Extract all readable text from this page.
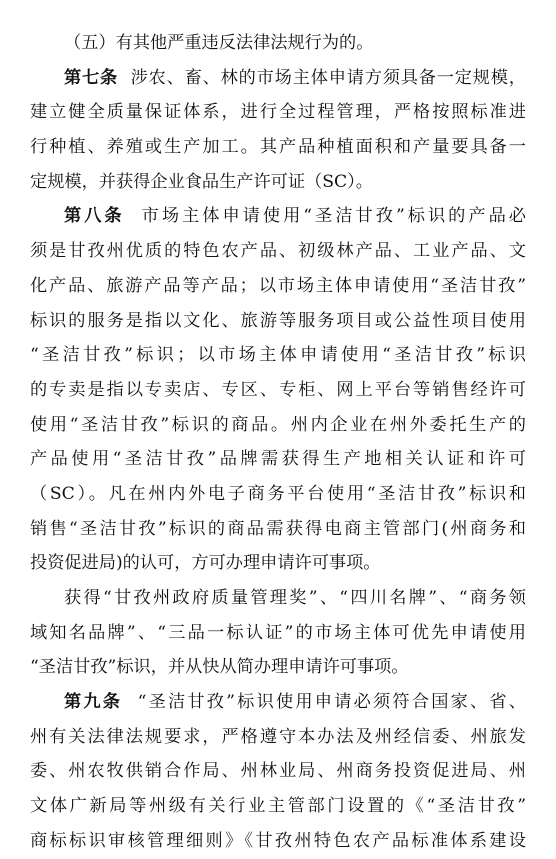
（五）有其他严重违反法律法规行为的。
第七条 涉农、畜、林的市场主体申请方须具备一定规模，
建立健全质量保证体系，进行全过程管理，严格按照标准进
行种植、养殖或生产加工。其产品种植面积和产量要具备一
定规模，并获得企业食品生产许可证（SC）。
第八条 市场主体申请使用“圣洁甘孜”标识的产品必
须是甘孜州优质的特色农产品、初级林产品、工业产品、文
化产品、旅游产品等产品；以市场主体申请使用“圣洁甘孜”
标识的服务是指以文化、旅游等服务项目或公益性项目使用
“圣洁甘孜”标识；以市场主体申请使用“圣洁甘孜”标识
的专卖是指以专卖店、专区、专柜、网上平台等销售经许可
使用“圣洁甘孜”标识的商品。州内企业在州外委托生产的
产品使用“圣洁甘孜”品牌需获得生产地相关认证和许可
（SC）。凡在州内外电子商务平台使用“圣洁甘孜”标识和
销售“圣洁甘孜”标识的商品需获得电商主管部门(州商务和
投资促进局)的认可，方可办理申请许可事项。
获得“甘孜州政府质量管理奖”、“四川名牌”、“商务领
域知名品牌”、“三品一标认证”的市场主体可优先申请使用
“圣洁甘孜”标识，并从快从简办理申请许可事项。
第九条 “圣洁甘孜”标识使用申请必须符合国家、省、
州有关法律法规要求，严格遵守本办法及州经信委、州旅发
委、州农牧供销合作局、州林业局、州商务投资促进局、州
文体广新局等州级有关行业主管部门设置的《“圣洁甘孜”
商标标识审核管理细则》《甘孜州特色农产品标准体系建设
